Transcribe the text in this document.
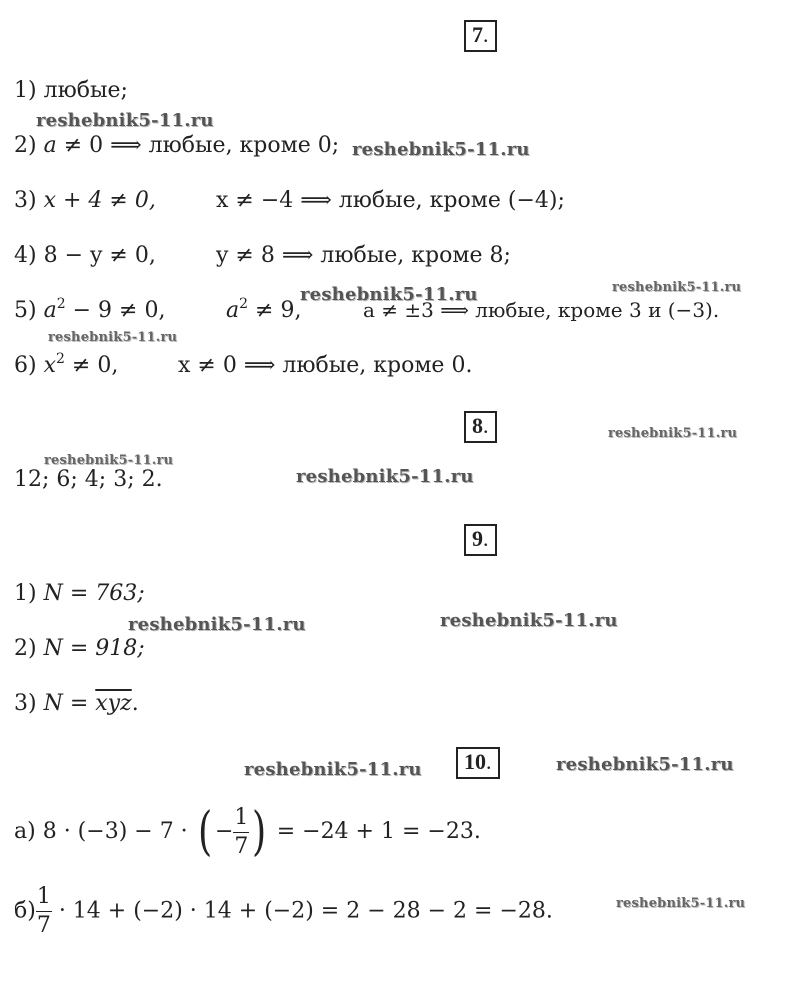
7.
1) любые;
2) a ≠ 0 ⟹ любые, кроме 0;
3) x + 4 ≠ 0,	x ≠ −4 ⟹ любые, кроме (−4);
4) 8 − y ≠ 0,	y ≠ 8 ⟹ любые, кроме 8;
5) $a^2 - 9 \ne 0$,	$a^2 \ne 9$,	a ≠ ±3 ⟹ любые, кроме 3 и (−3).
6) $x^2 \ne 0$,	x ≠ 0 ⟹ любые, кроме 0.
8.
12; 6; 4; 3; 2.
9.
1) N = 763;
2) N = 918;
3) $N = \overline{xyz}$.
10.
а) 8 · (−3) − 7 · ( − $\frac{1}{7}$ ) = −24 + 1 = −23.
$б) \frac{1}{7} \cdot 14 + (-2) \cdot 14 + (-2) = 2 - 28 - 2 = -28$.
reshebnik5-11.ru
reshebnik5-11.ru
reshebnik5-11.ru	reshebnik5-11.ru
reshebnik5-11.ru
reshebnik5-11.ru
reshebnik5-11.ru
reshebnik5-11.ru
reshebnik5-11.ru
reshebnik5-11.ru
reshebnik5-11.ru	reshebnik5-11.ru
reshebnik5-11.ru
